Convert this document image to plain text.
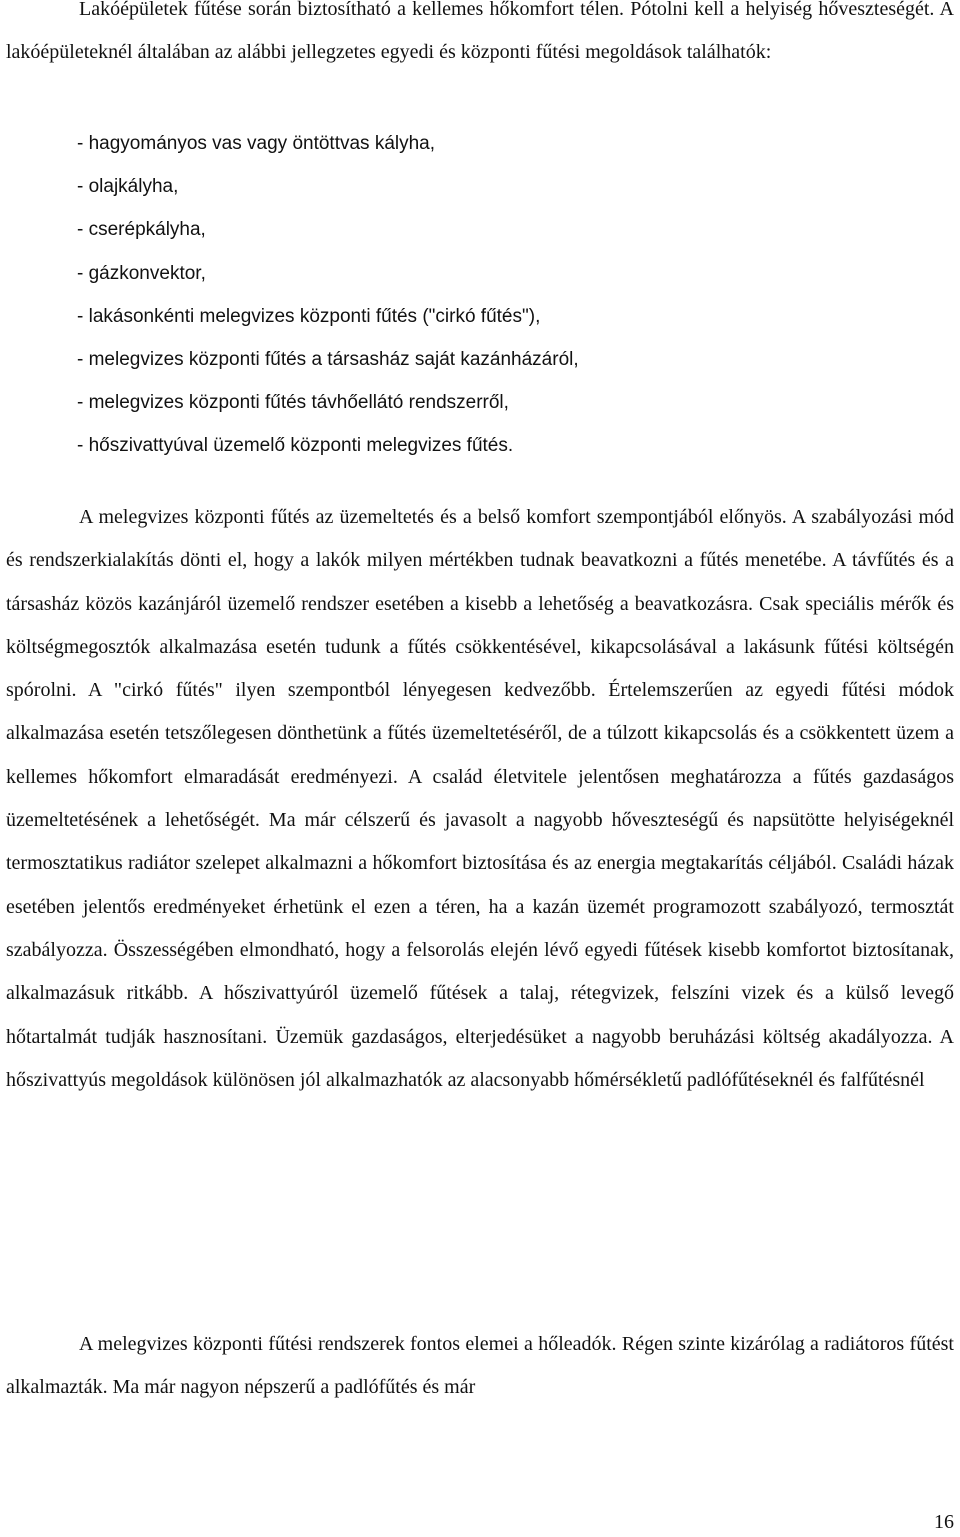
Lakóépületek fűtése során biztosítható a kellemes hőkomfort télen. Pótolni kell a helyiség hőveszteségét. A lakóépületeknél általában az alábbi jellegzetes egyedi és központi fűtési megoldások találhatók:

- hagyományos vas vagy öntöttvas kályha,
- olajkályha,
- cserépkályha,
- gázkonvektor,
- lakásonkénti melegvizes központi fűtés ("cirkó fűtés"),
- melegvizes központi fűtés a társasház saját kazánházáról,
- melegvizes központi fűtés távhőellátó rendszerről,
- hőszivattyúval üzemelő központi melegvizes fűtés.

A melegvizes központi fűtés az üzemeltetés és a belső komfort szempontjából előnyös. A szabályozási mód és rendszerkialakítás dönti el, hogy a lakók milyen mértékben tudnak beavatkozni a fűtés menetébe. A távfűtés és a társasház közös kazánjáról üzemelő rendszer esetében a kisebb a lehetőség a beavatkozásra. Csak speciális mérők és költségmegosztók alkalmazása esetén tudunk a fűtés csökkentésével, kikapcsolásával a lakásunk fűtési költségén spórolni. A "cirkó fűtés" ilyen szempontból lényegesen kedvezőbb. Értelemszerűen az egyedi fűtési módok alkalmazása esetén tetszőlegesen dönthetünk a fűtés üzemeltetéséről, de a túlzott kikapcsolás és a csökkentett üzem a kellemes hőkomfort elmaradását eredményezi. A család életvitele jelentősen meghatározza a fűtés gazdaságos üzemeltetésének a lehetőségét. Ma már célszerű és javasolt a nagyobb hőveszteségű és napsütötte helyiségeknél termosztatikus radiátor szelepet alkalmazni a hőkomfort biztosítása és az energia megtakarítás céljából. Családi házak esetében jelentős eredményeket érhetünk el ezen a téren, ha a kazán üzemét programozott szabályozó, termosztát szabályozza. Összességében elmondható, hogy a felsorolás elején lévő egyedi fűtések kisebb komfortot biztosítanak, alkalmazásuk ritkább. A hőszivattyúról üzemelő fűtések a talaj, rétegvizek, felszíni vizek és a külső levegő hőtartalmát tudják hasznosítani. Üzemük gazdaságos, elterjedésüket a nagyobb beruházási költség akadályozza. A hőszivattyús megoldások különösen jól alkalmazhatók az alacsonyabb hőmérsékletű padlófűtéseknél és falfűtésnél

A melegvizes központi fűtési rendszerek fontos elemei a hőleadók. Régen szinte kizárólag a radiátoros fűtést alkalmazták. Ma már nagyon népszerű a padlófűtés és már

16
